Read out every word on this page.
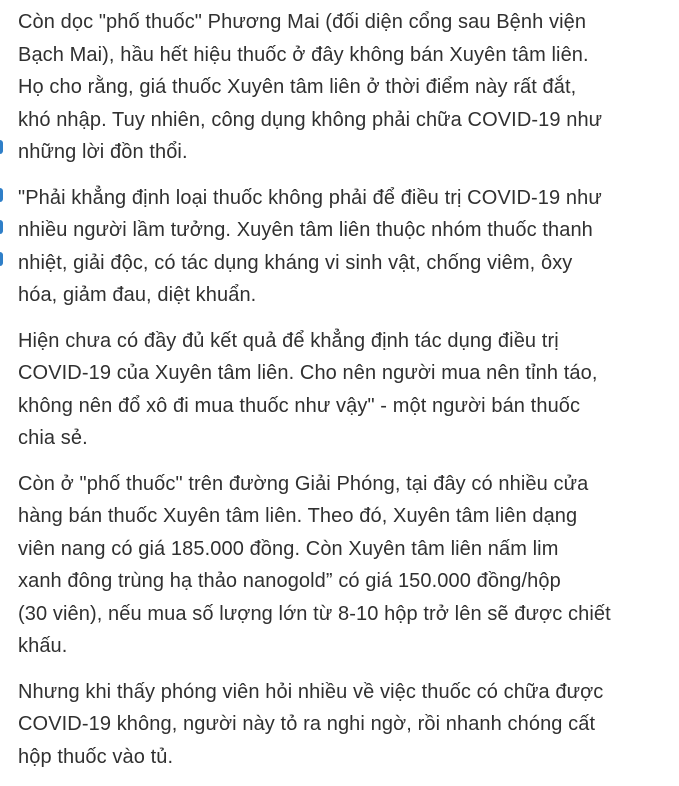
Còn dọc "phố thuốc" Phương Mai (đối diện cổng sau Bệnh viện
Bạch Mai), hầu hết hiệu thuốc ở đây không bán Xuyên tâm liên.
Họ cho rằng, giá thuốc Xuyên tâm liên ở thời điểm này rất đắt,
khó nhập. Tuy nhiên, công dụng không phải chữa COVID-19 như
những lời đồn thổi.

"Phải khẳng định loại thuốc không phải để điều trị COVID-19 như
nhiều người lầm tưởng. Xuyên tâm liên thuộc nhóm thuốc thanh
nhiệt, giải độc, có tác dụng kháng vi sinh vật, chống viêm, ôxy
hóa, giảm đau, diệt khuẩn.

Hiện chưa có đầy đủ kết quả để khẳng định tác dụng điều trị
COVID-19 của Xuyên tâm liên. Cho nên người mua nên tỉnh táo,
không nên đổ xô đi mua thuốc như vậy" - một người bán thuốc
chia sẻ.

Còn ở "phố thuốc" trên đường Giải Phóng, tại đây có nhiều cửa
hàng bán thuốc Xuyên tâm liên. Theo đó, Xuyên tâm liên dạng
viên nang có giá 185.000 đồng. Còn Xuyên tâm liên nấm lim
xanh đông trùng hạ thảo nanogold” có giá 150.000 đồng/hộp
(30 viên), nếu mua số lượng lớn từ 8-10 hộp trở lên sẽ được chiết
khấu.

Nhưng khi thấy phóng viên hỏi nhiều về việc thuốc có chữa được
COVID-19 không, người này tỏ ra nghi ngờ, rồi nhanh chóng cất
hộp thuốc vào tủ.
